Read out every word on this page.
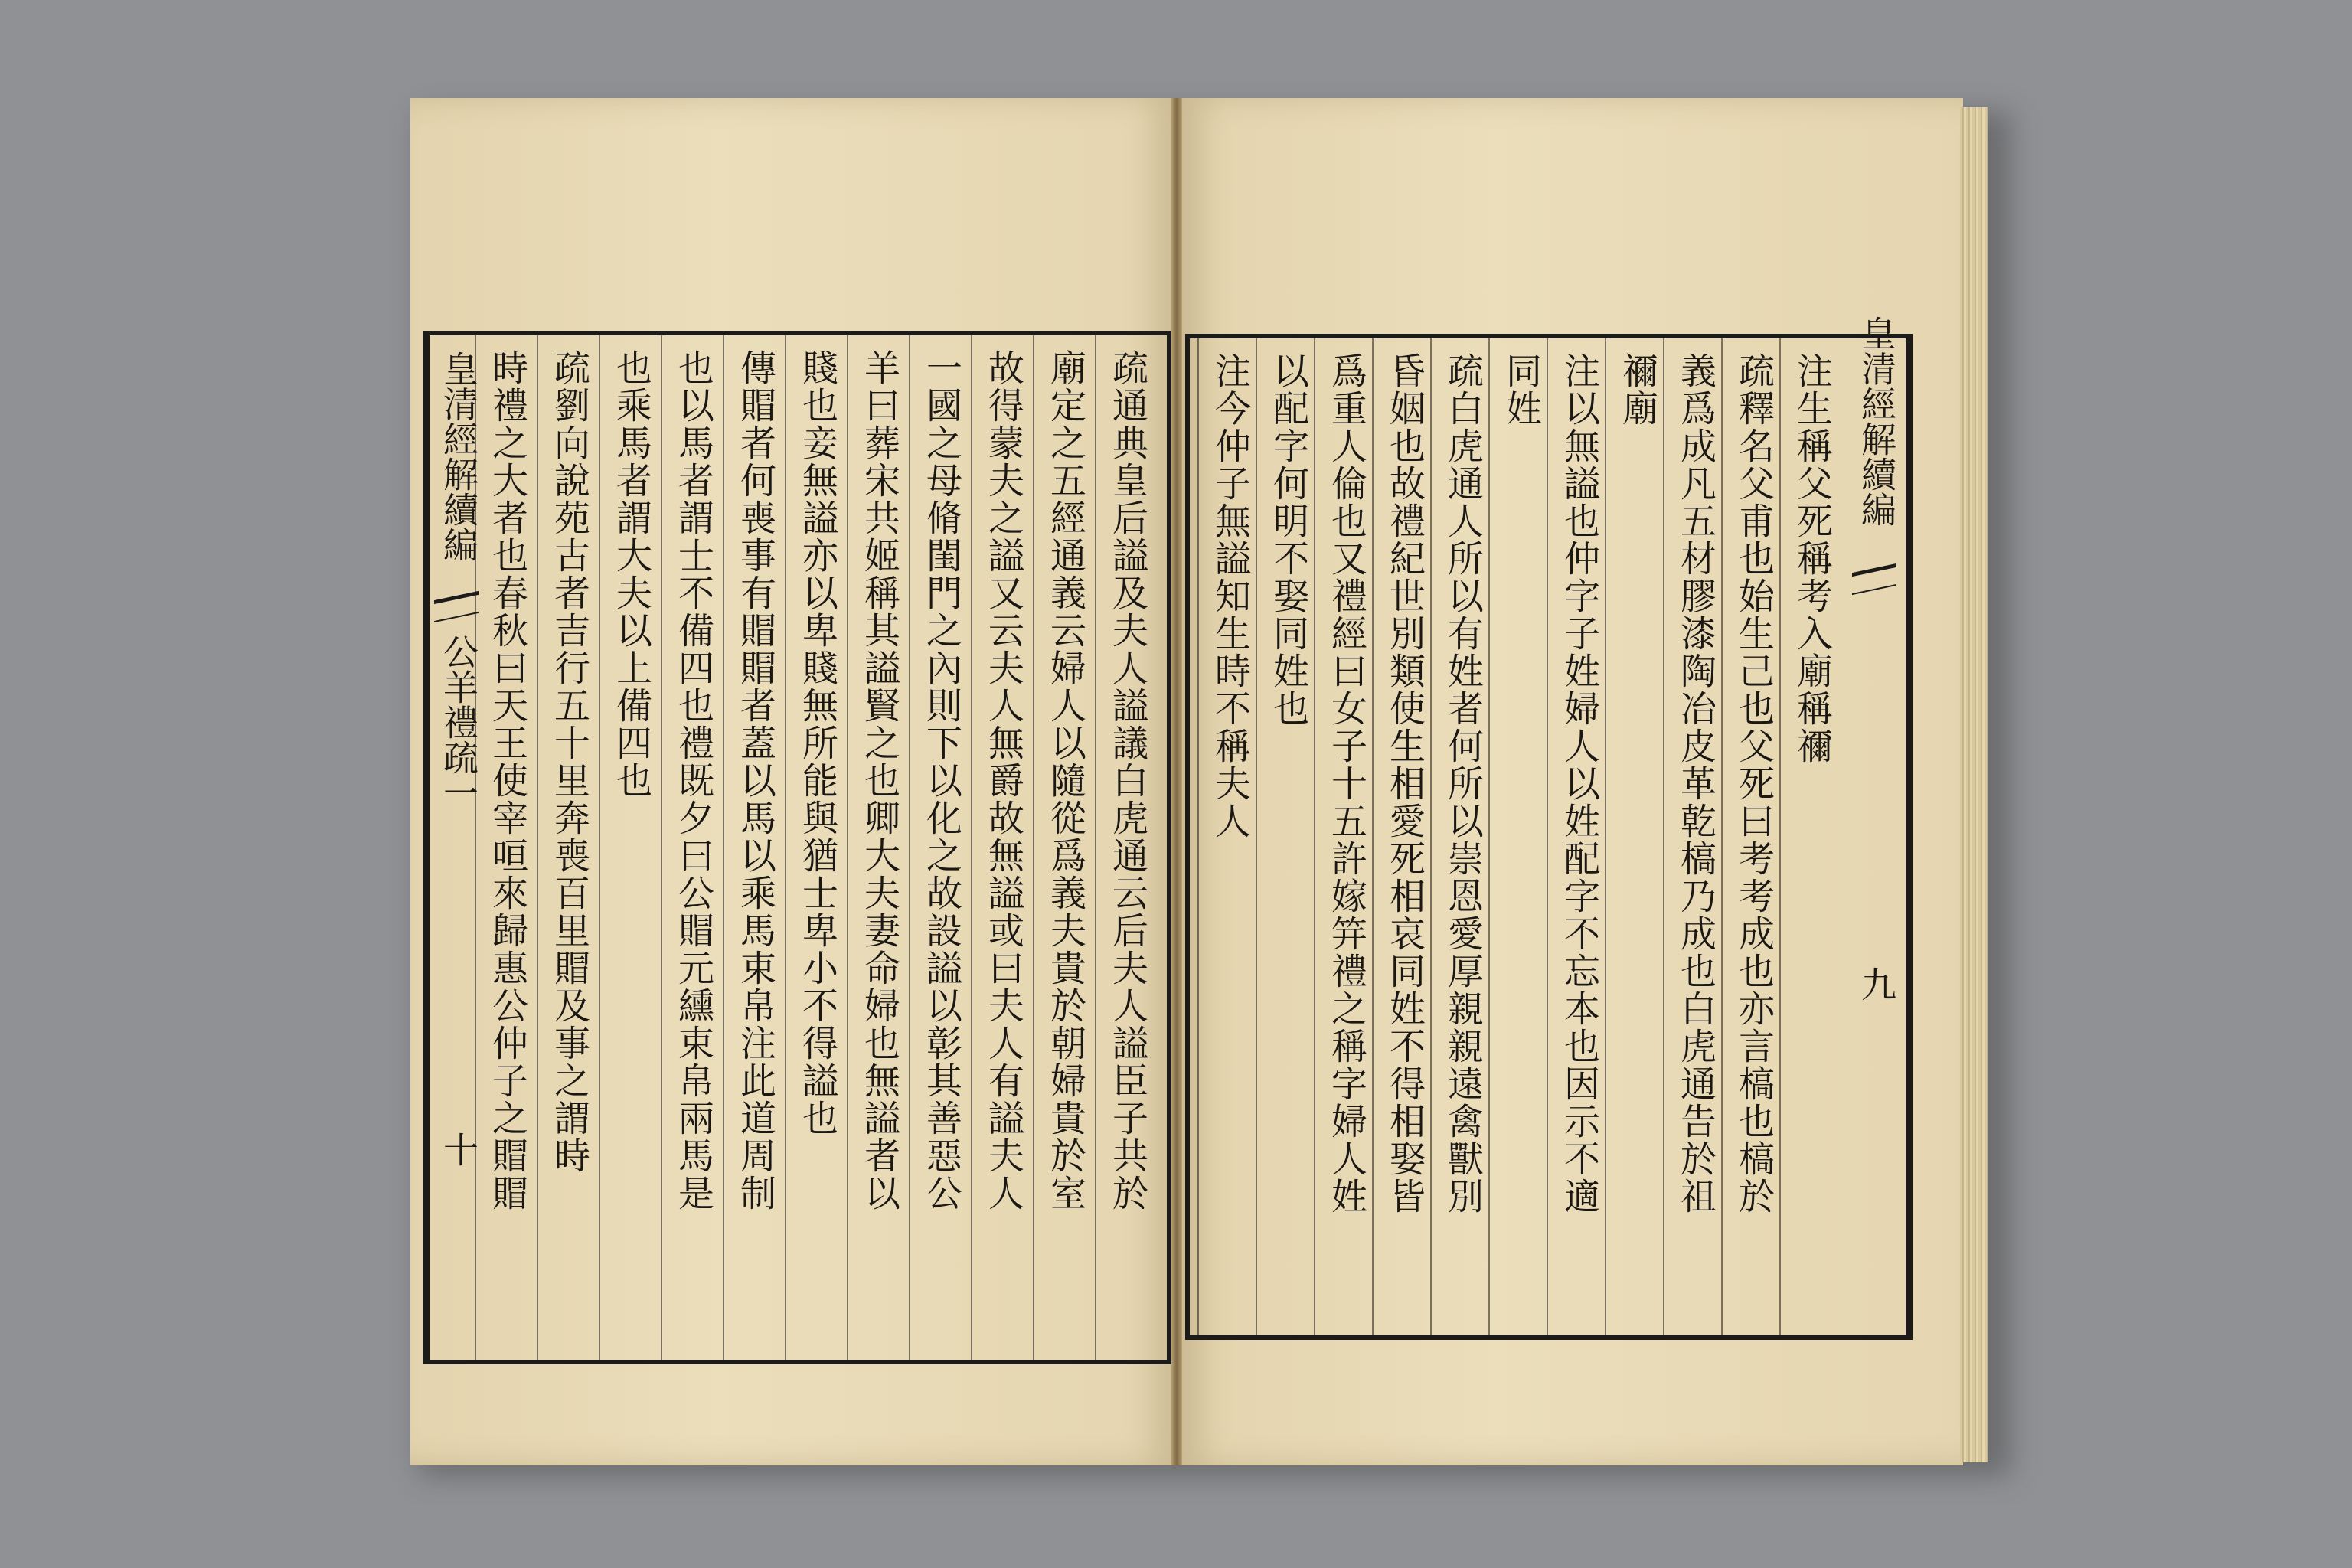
疏通典皇后謚及夫人謚議白虎通云后夫人謚臣子共於
廟定之五經通義云婦人以隨從爲義夫貴於朝婦貴於室
故得蒙夫之謚又云夫人無爵故無謚或曰夫人有謚夫人
一國之母脩閨門之內則下以化之故設謚以彰其善惡公
羊曰葬宋共姬稱其謚賢之也卿大夫妻命婦也無謚者以
賤也妾無謚亦以卑賤無所能與猶士卑小不得謚也
傳賵者何喪事有賵賵者蓋以馬以乘馬束帛注此道周制
也以馬者謂士不備四也禮既夕曰公賵元纁束帛兩馬是
也乘馬者謂大夫以上備四也
疏劉向說苑古者吉行五十里奔喪百里賵及事之謂時
時禮之大者也春秋曰天王使宰咺來歸惠公仲子之賵賵
皇清經解續編
公羊禮疏一
十
注生稱父死稱考入廟稱禰
疏釋名父甫也始生己也父死曰考考成也亦言槁也槁於
義爲成凡五材膠漆陶冶皮革乾槁乃成也白虎通告於祖
禰廟
注以無謚也仲字子姓婦人以姓配字不忘本也因示不適
同姓
疏白虎通人所以有姓者何所以崇恩愛厚親親遠禽獸別
昏姻也故禮紀世別類使生相愛死相哀同姓不得相娶皆
爲重人倫也又禮經曰女子十五許嫁笄禮之稱字婦人姓
以配字何明不娶同姓也
注今仲子無謚知生時不稱夫人	皇清經解續編
九
